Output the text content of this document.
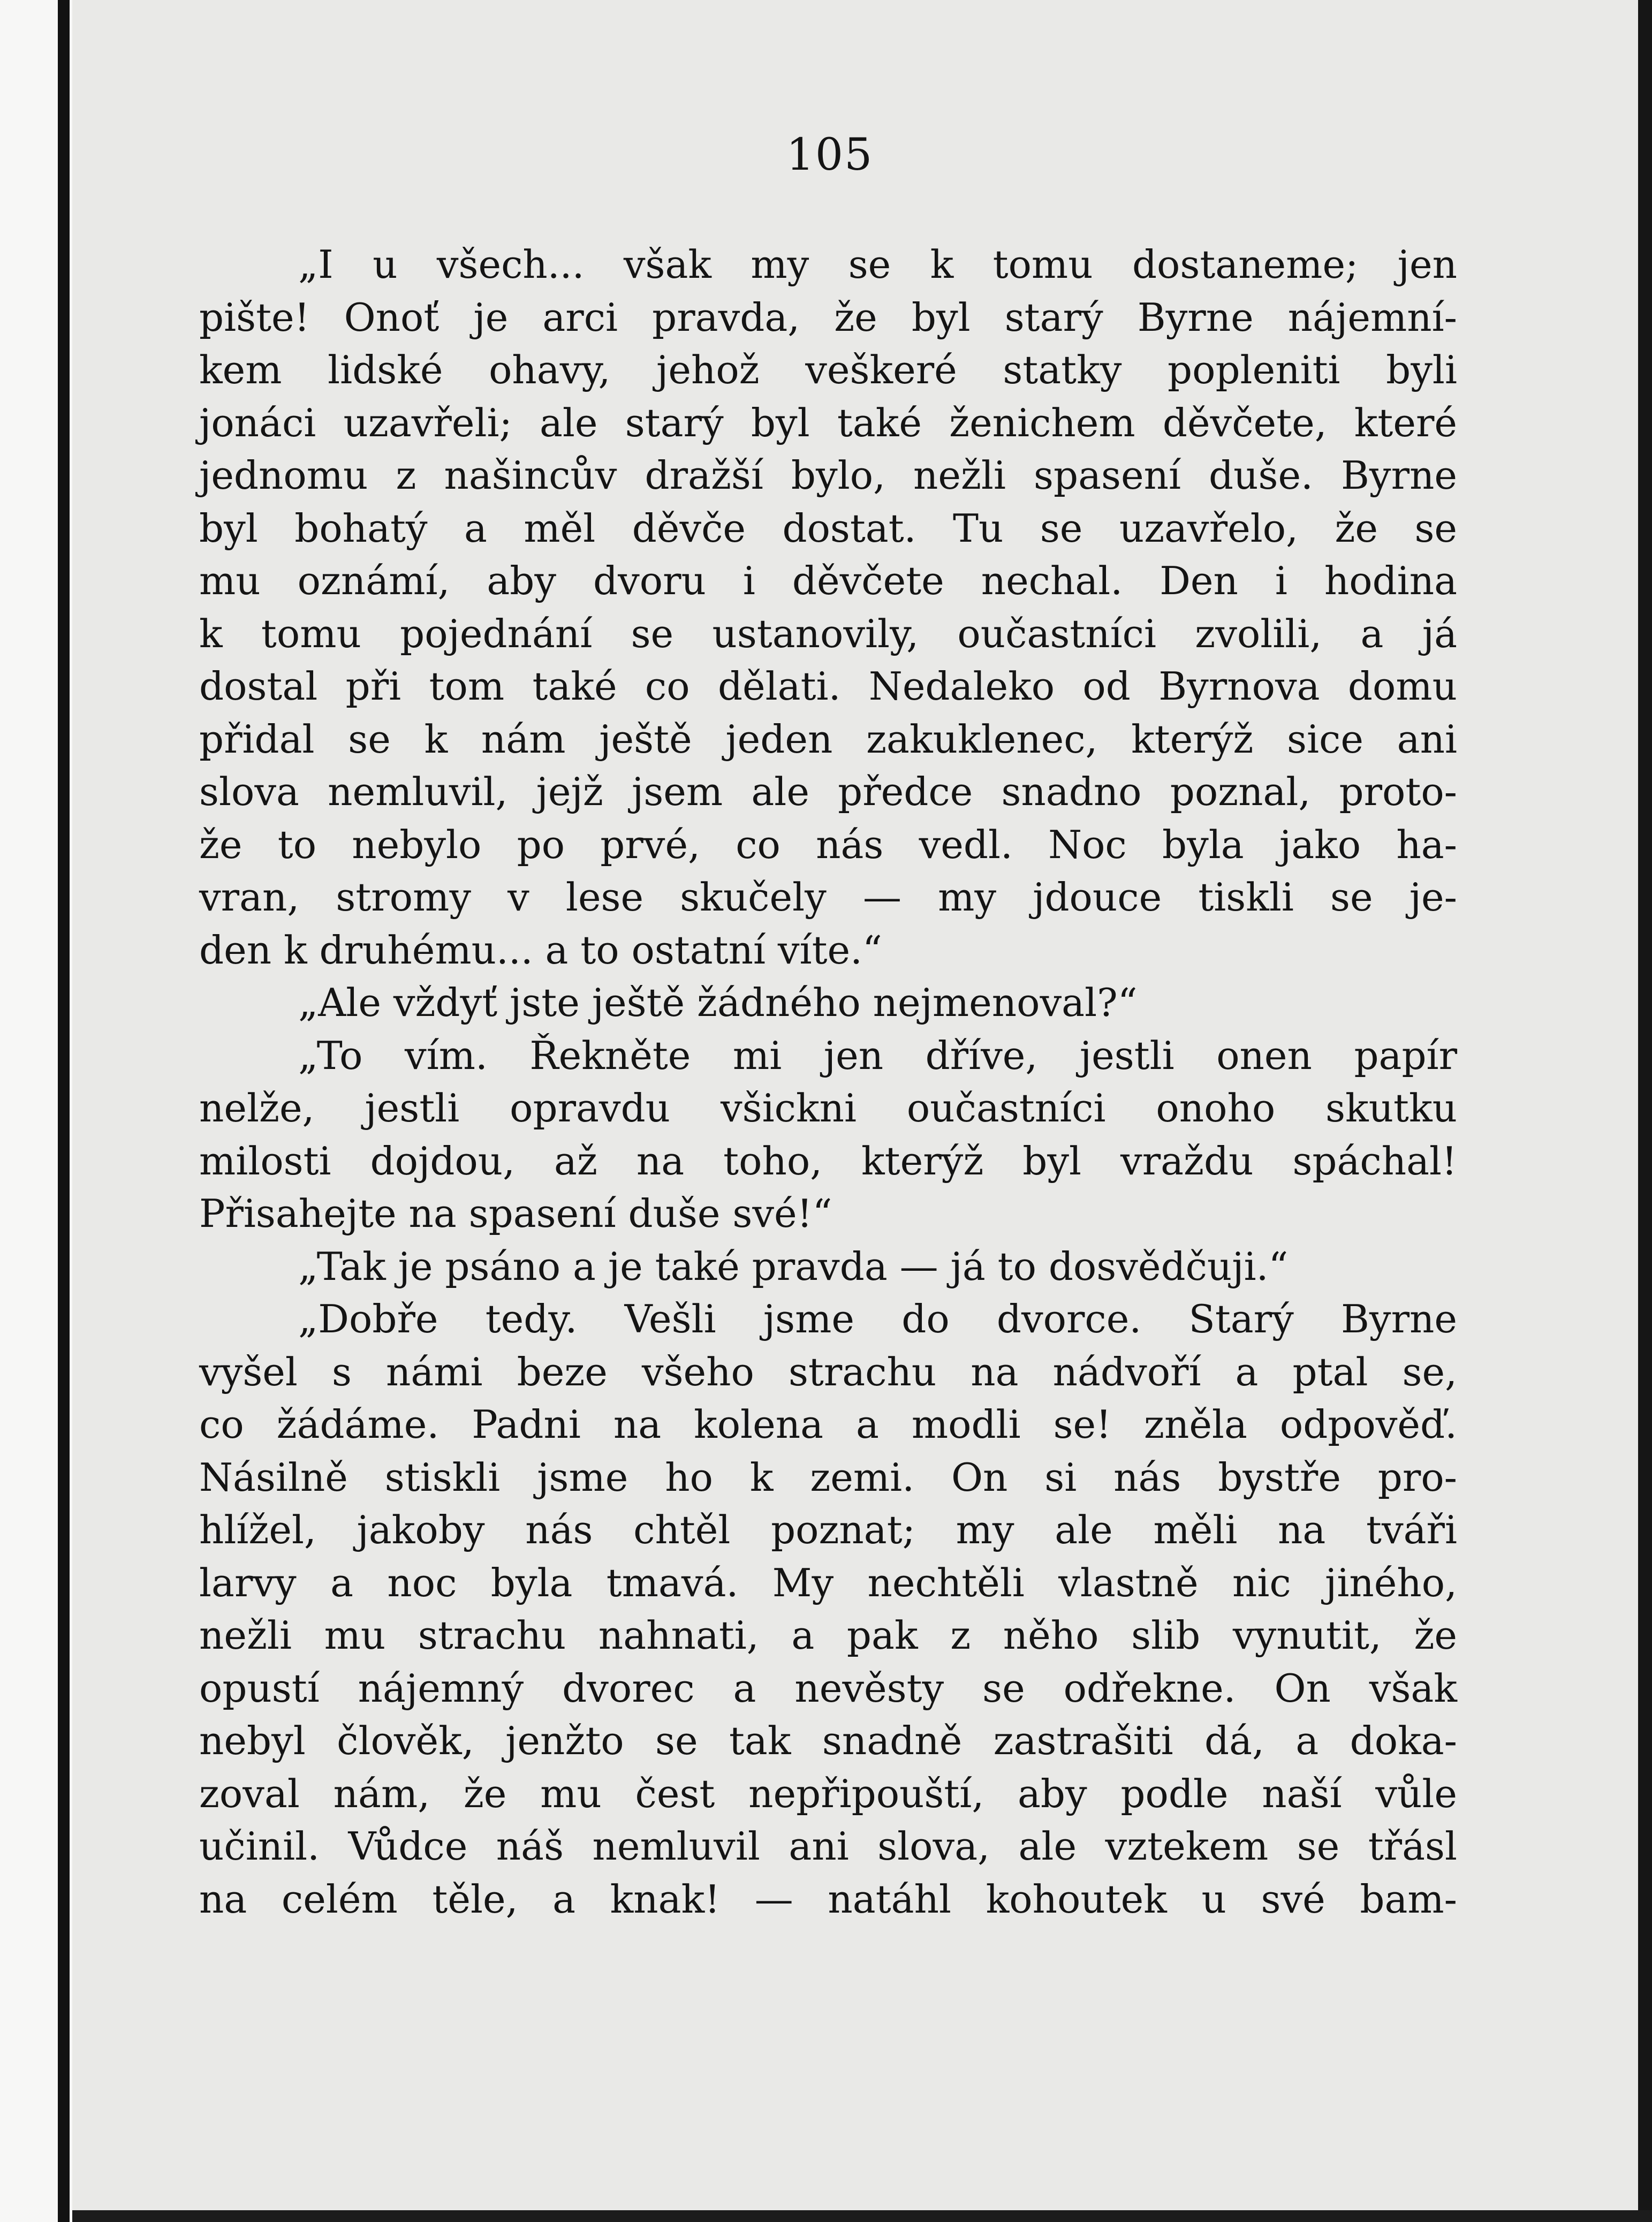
105
„I u všech... však my se k tomu dostaneme; jen
pište! Onoť je arci pravda, že byl starý Byrne nájemní-
kem lidské ohavy, jehož veškeré statky popleniti byli
jonáci uzavřeli; ale starý byl také ženichem děvčete, které
jednomu z našincův dražší bylo, nežli spasení duše. Byrne
byl bohatý a měl děvče dostat. Tu se uzavřelo, že se
mu oznámí, aby dvoru i děvčete nechal. Den i hodina
k tomu pojednání se ustanovily, oučastníci zvolili, a já
dostal při tom také co dělati. Nedaleko od Byrnova domu
přidal se k nám ještě jeden zakuklenec, kterýž sice ani
slova nemluvil, jejž jsem ale předce snadno poznal, proto-
že to nebylo po prvé, co nás vedl. Noc byla jako ha-
vran, stromy v lese skučely — my jdouce tiskli se je-
den k druhému... a to ostatní víte.“
„Ale vždyť jste ještě žádného nejmenoval?“
„To vím. Řekněte mi jen dříve, jestli onen papír
nelže, jestli opravdu všickni oučastníci onoho skutku
milosti dojdou, až na toho, kterýž byl vraždu spáchal!
Přisahejte na spasení duše své!“
„Tak je psáno a je také pravda — já to dosvědčuji.“
„Dobře tedy. Vešli jsme do dvorce. Starý Byrne
vyšel s námi beze všeho strachu na nádvoří a ptal se,
co žádáme. Padni na kolena a modli se! zněla odpověď.
Násilně stiskli jsme ho k zemi. On si nás bystře pro-
hlížel, jakoby nás chtěl poznat; my ale měli na tváři
larvy a noc byla tmavá. My nechtěli vlastně nic jiného,
nežli mu strachu nahnati, a pak z něho slib vynutit, že
opustí nájemný dvorec a nevěsty se odřekne. On však
nebyl člověk, jenžto se tak snadně zastrašiti dá, a doka-
zoval nám, že mu čest nepřipouští, aby podle naší vůle
učinil. Vůdce náš nemluvil ani slova, ale vztekem se třásl
na celém těle, a knak! — natáhl kohoutek u své bam-
